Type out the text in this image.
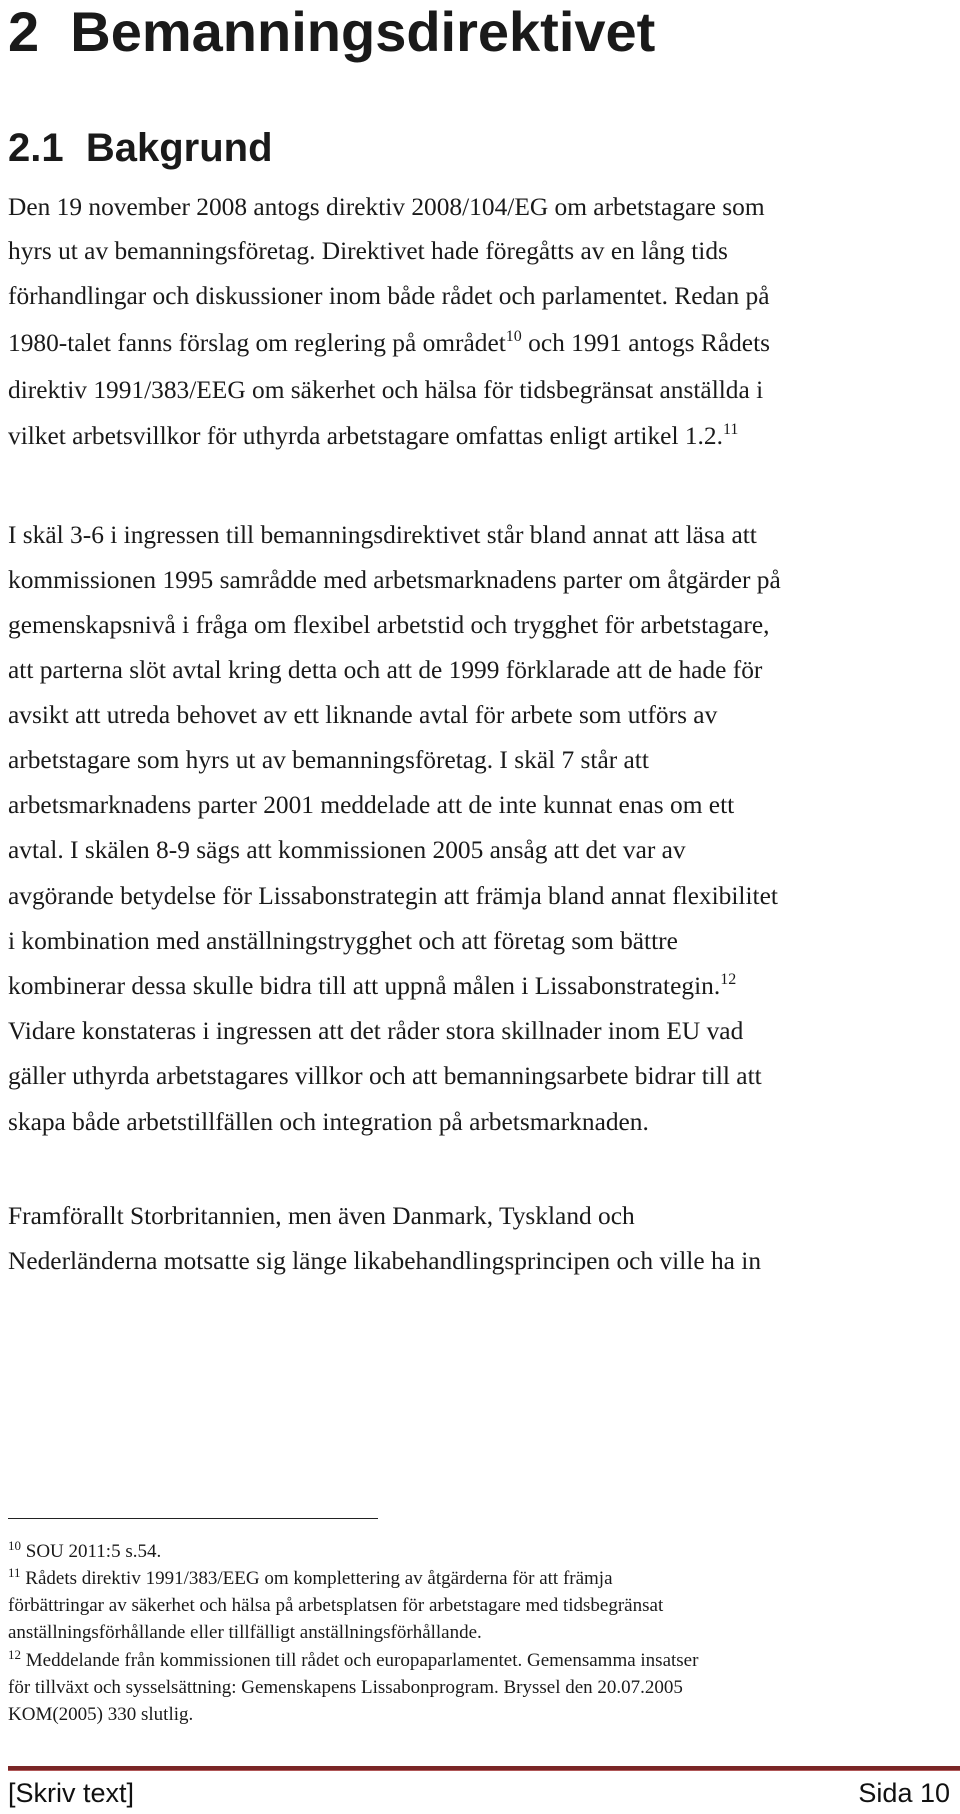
2 Bemanningsdirektivet
2.1 Bakgrund

Den 19 november 2008 antogs direktiv 2008/104/EG om arbetstagare som

hyrs ut av bemanningsföretag. Direktivet hade föregåtts av en lång tids

förhandlingar och diskussioner inom både rådet och parlamentet. Redan på

1980-talet fanns förslag om reglering på området$^{10}$ och 1991 antogs Rådets

direktiv 1991/383/EEG om säkerhet och hälsa för tidsbegränsat anställda i

vilket arbetsvillkor för uthyrda arbetstagare omfattas enligt artikel 1.2.11

I skäl 3-6 i ingressen till bemanningsdirektivet står bland annat att läsa att

kommissionen 1995 samrådde med arbetsmarknadens parter om åtgärder på

gemenskapsnivå i fråga om flexibel arbetstid och trygghet för arbetstagare,

att parterna slöt avtal kring detta och att de 1999 förklarade att de hade för

avsikt att utreda behovet av ett liknande avtal för arbete som utförs av

arbetstagare som hyrs ut av bemanningsföretag. I skäl 7 står att

arbetsmarknadens parter 2001 meddelade att de inte kunnat enas om ett

avtal. I skälen 8-9 sägs att kommissionen 2005 ansåg att det var av

avgörande betydelse för Lissabonstrategin att främja bland annat flexibilitet

i kombination med anställningstrygghet och att företag som bättre

kombinerar dessa skulle bidra till att uppnå målen i Lissabonstrategin.$^{12}$

Vidare konstateras i ingressen att det råder stora skillnader inom EU vad

gäller uthyrda arbetstagares villkor och att bemanningsarbete bidrar till att

skapa både arbetstillfällen och integration på arbetsmarknaden.

Framförallt Storbritannien, men även Danmark, Tyskland och

Nederländerna motsatte sig länge likabehandlingsprincipen och ville ha in

$^{10}$ SOU 2011:5 s.54.

$^{11}$ Rådets direktiv 1991/383/EEG om komplettering av åtgärderna för att främja

förbättringar av säkerhet och hälsa på arbetsplatsen för arbetstagare med tidsbegränsat

anställningsförhållande eller tillfälligt anställningsförhållande.

$^{12}$ Meddelande från kommissionen till rådet och europaparlamentet. Gemensamma insatser

för tillväxt och sysselsättning: Gemenskapens Lissabonprogram. Bryssel den 20.07.2005

KOM(2005) 330 slutlig.

[Skriv text]	Sida 10
